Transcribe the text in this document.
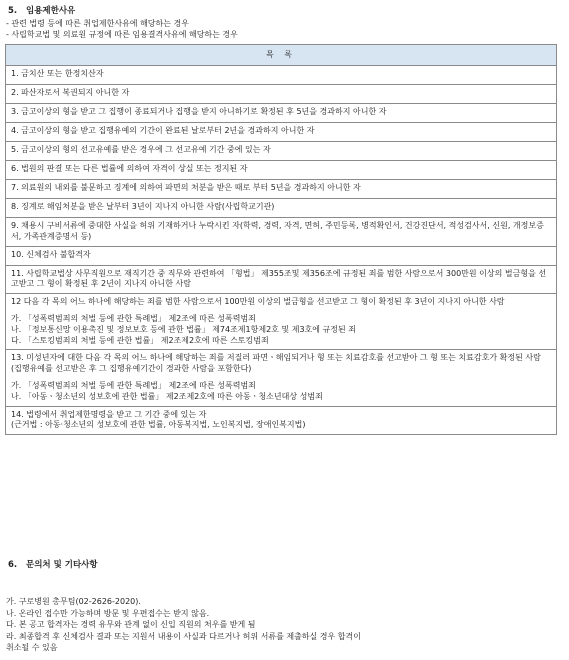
5. 임용제한사유
- 관련 법령 등에 따른 취업제한사유에 해당하는 경우
- 사립학교법 및 의료원 규정에 따른 임용결격사유에 해당하는 경우
목 록
1. 금치산 또는 한정치산자
2. 파산자로서 복권되지 아니한 자
3. 금고이상의 형을 받고 그 집행이 종료되거나 집행을 받지 아니하기로 확정된 후 5년을 경과하지 아니한 자
4. 금고이상의 형을 받고 집행유예의 기간이 완료된 날로부터 2년을 경과하지 아니한 자
5. 금고이상의 형의 선고유예를 받은 경우에 그 선고유예 기간 중에 있는 자
6. 법원의 판결 또는 다른 법률에 의하여 자격이 상실 또는 정지된 자
7. 의료원의 내외를 불문하고 징계에 의하여 파면의 처분을 받은 때로 부터 5년을 경과하지 아니한 자
8. 징계로 해임처분을 받은 날부터 3년이 지나지 아니한 사람(사립학교기관)
9. 채용시 구비서류에 중대한 사실을 허위 기재하거나 누락시킨 자(학력, 경력, 자격, 면허, 주민등록, 병적확인서, 건강진단서, 적성검사서, 신원, 개정보증서, 가족관계증명서 등)
10. 신체검사 불합격자
11. 사립학교법상 사무직원으로 재직기간 중 직무와 관련하여 「형법」 제355조및 제356조에 규정된 죄를 범한 사람으로서 300만원 이상의 벌금형을 선고받고 그 형이 확정된 후 2년이 지나지 아니한 사람

12 다음 각 목의 어느 하나에 해당하는 죄를 범한 사람으로서 100만원 이상의 벌금형을 선고받고 그 형이 확정된 후 3년이 지나지 아니한 사람
가. 「성폭력범죄의 처벌 등에 관한 특례법」 제2조에 따른 성폭력범죄
나. 「정보통신망 이용촉진 및 정보보호 등에 관한 법률」 제74조제1항제2호 및 제3호에 규정된 죄
다. 「스토킹범죄의 처벌 등에 관한 법률」 제2조제2호에 따른 스토킹범죄

13. 미성년자에 대한 다음 각 목의 어느 하나에 해당하는 죄를 저질러 파면ㆍ해임되거나 형 또는 치료감호를 선고받아 그 형 또는 치료감호가 확정된 사람(집행유예를 선고받은 후 그 집행유예기간이 경과한 사람을 포함한다)
가. 「성폭력범죄의 처벌 등에 관한 특례법」 제2조에 따른 성폭력범죄
나. 「아동ㆍ청소년의 성보호에 관한 법률」 제2조제2호에 따른 아동ㆍ청소년대상 성범죄

14. 법령에서 취업제한명령을 받고 그 기간 중에 있는 자
(근거법 : 아동·청소년의 성보호에 관한 법률, 아동복지법, 노인복지법, 장애인복지법)
6. 문의처 및 기타사항
가. 구로병원 총무팀(02-2626-2020).
나. 온라인 접수만 가능하며 방문 및 우편접수는 받지 않음.
다. 본 공고 합격자는 경력 유무와 관계 없이 신입 직원의 처우를 받게 됨
라. 최종합격 후 신체검사 결과 또는 지원서 내용이 사실과 다르거나 허위 서류를 제출하실 경우 합격이
취소될 수 있음
